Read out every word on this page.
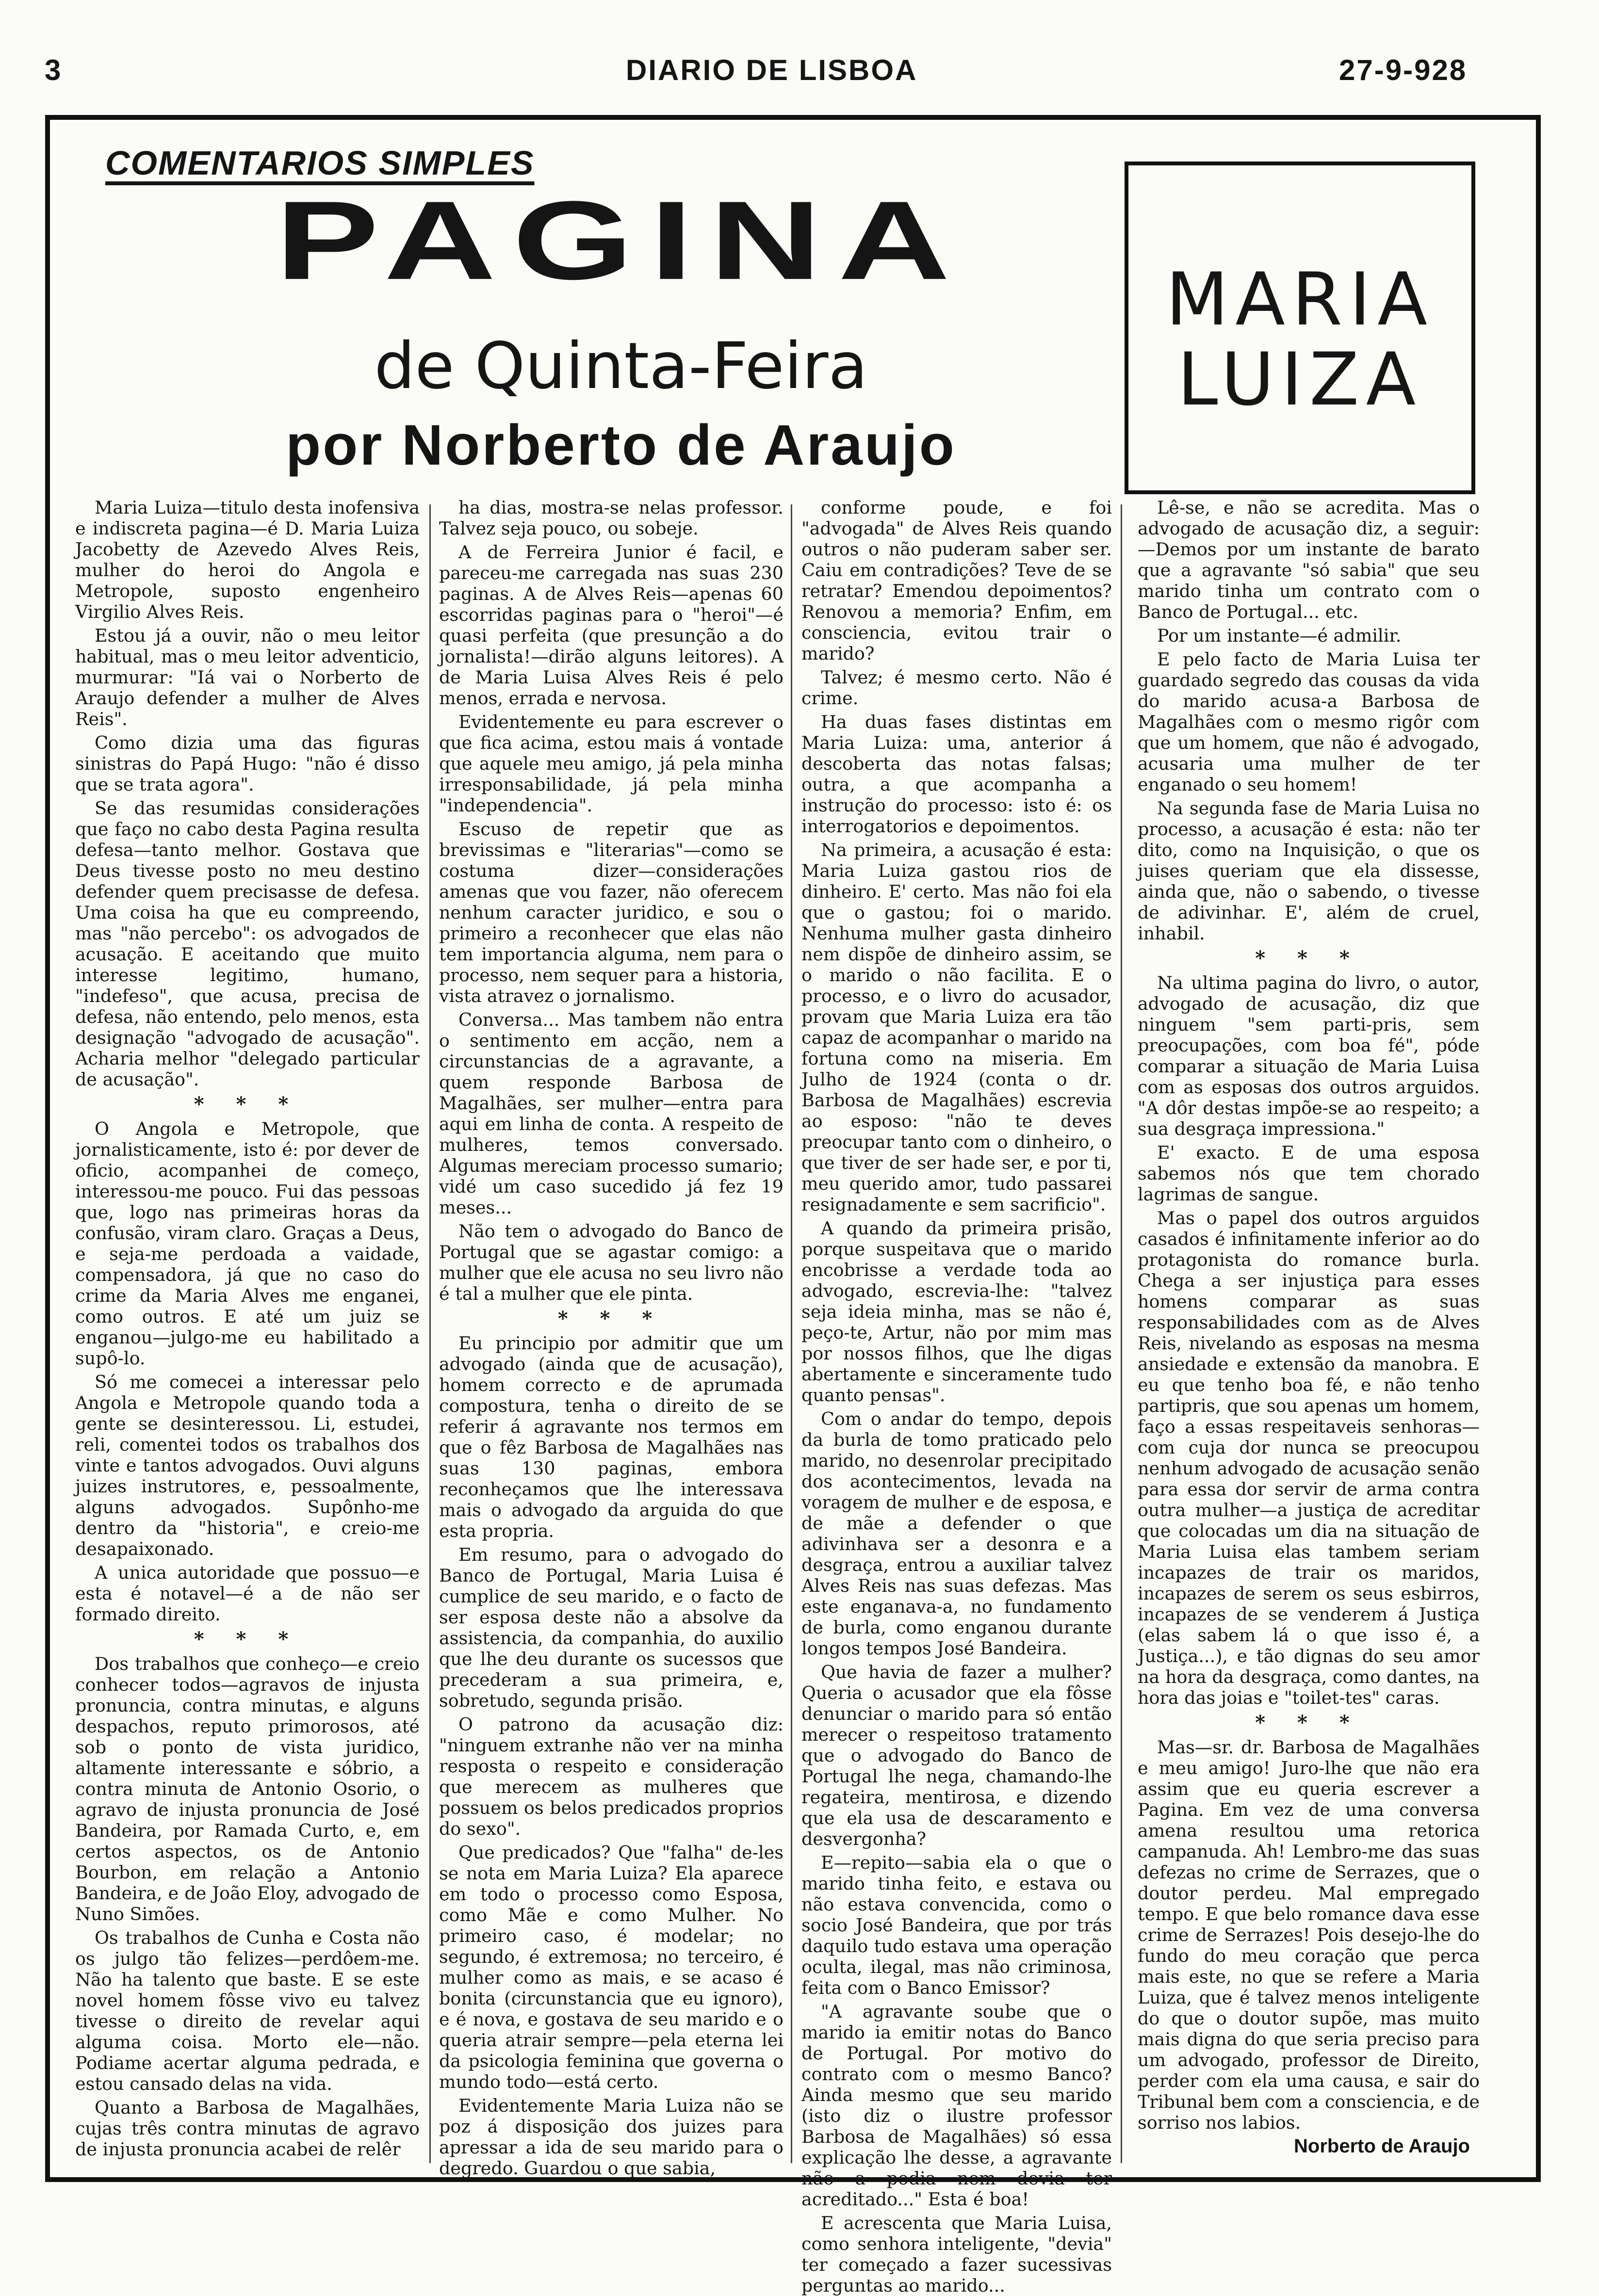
3	DIARIO DE LISBOA	27-9-928
COMENTARIOS SIMPLES
PAGINA
de Quinta-Feira
por Norberto de Araujo
MARIA
LUIZA

Maria Luiza—titulo desta inofensiva e indiscreta pagina—é D. Maria Luiza Jacobetty de Azevedo Alves Reis, mulher do heroi do Angola e Metropole, suposto engenheiro Virgilio Alves Reis.

Estou já a ouvir, não o meu leitor habitual, mas o meu leitor adventicio, murmurar: "Iá vai o Norberto de Araujo defender a mulher de Alves Reis".

Como dizia uma das figuras sinistras do Papá Hugo: "não é disso que se trata agora".

Se das resumidas considerações que faço no cabo desta Pagina resulta defesa—tanto melhor. Gostava que Deus tivesse posto no meu destino defender quem precisasse de defesa. Uma coisa ha que eu compreendo, mas "não percebo": os advogados de acusação. E aceitando que muito interesse legitimo, humano, "indefeso", que acusa, precisa de defesa, não entendo, pelo menos, esta designação "advogado de acusação". Acharia melhor "delegado particular de acusação".

* * *

O Angola e Metropole, que jornalisticamente, isto é: por dever de oficio, acompanhei de começo, interessou-me pouco. Fui das pessoas que, logo nas primeiras horas da confusão, viram claro. Graças a Deus, e seja-me perdoada a vaidade, compensadora, já que no caso do crime da Maria Alves me enganei, como outros. E até um juiz se enganou—julgo-me eu habilitado a supô-lo.

Só me comecei a interessar pelo Angola e Metropole quando toda a gente se desinteressou. Li, estudei, reli, comentei todos os trabalhos dos vinte e tantos advogados. Ouvi alguns juizes instrutores, e, pessoalmente, alguns advogados. Supônho-me dentro da "historia", e creio-me desapaixonado.

A unica autoridade que possuo—e esta é notavel—é a de não ser formado direito.

* * *

Dos trabalhos que conheço—e creio conhecer todos—agravos de injusta pronuncia, contra minutas, e alguns despachos, reputo primorosos, até sob o ponto de vista juridico, altamente interessante e sóbrio, a contra minuta de Antonio Osorio, o agravo de injusta pronuncia de José Bandeira, por Ramada Curto, e, em certos aspectos, os de Antonio Bourbon, em relação a Antonio Bandeira, e de João Eloy, advogado de Nuno Simões.

Os trabalhos de Cunha e Costa não os julgo tão felizes—perdôem-me. Não ha talento que baste. E se este novel homem fôsse vivo eu talvez tivesse o direito de revelar aqui alguma coisa. Morto ele—não. Podiame acertar alguma pedrada, e estou cansado delas na vida.

Quanto a Barbosa de Magalhães, cujas três contra minutas de agravo de injusta pronuncia acabei de relêr

ha dias, mostra-se nelas professor. Talvez seja pouco, ou sobeje.

A de Ferreira Junior é facil, e pareceu-me carregada nas suas 230 paginas. A de Alves Reis—apenas 60 escorridas paginas para o "heroi"—é quasi perfeita (que presunção a do jornalista!—dirão alguns leitores). A de Maria Luisa Alves Reis é pelo menos, errada e nervosa.

Evidentemente eu para escrever o que fica acima, estou mais á vontade que aquele meu amigo, já pela minha irresponsabilidade, já pela minha "independencia".

Escuso de repetir que as brevissimas e "literarias"—como se costuma dizer—considerações amenas que vou fazer, não oferecem nenhum caracter juridico, e sou o primeiro a reconhecer que elas não tem importancia alguma, nem para o processo, nem sequer para a historia, vista atravez o jornalismo.

Conversa... Mas tambem não entra o sentimento em acção, nem a circunstancias de a agravante, a quem responde Barbosa de Magalhães, ser mulher—entra para aqui em linha de conta. A respeito de mulheres, temos conversado. Algumas mereciam processo sumario; vidé um caso sucedido já fez 19 meses...

Não tem o advogado do Banco de Portugal que se agastar comigo: a mulher que ele acusa no seu livro não é tal a mulher que ele pinta.

* * *

Eu principio por admitir que um advogado (ainda que de acusação), homem correcto e de aprumada compostura, tenha o direito de se referir á agravante nos termos em que o fêz Barbosa de Magalhães nas suas 130 paginas, embora reconheçamos que lhe interessava mais o advogado da arguida do que esta propria.

Em resumo, para o advogado do Banco de Portugal, Maria Luisa é cumplice de seu marido, e o facto de ser esposa deste não a absolve da assistencia, da companhia, do auxilio que lhe deu durante os sucessos que precederam a sua primeira, e, sobretudo, segunda prisão.

O patrono da acusação diz: "ninguem extranhe não ver na minha resposta o respeito e consideração que merecem as mulheres que possuem os belos predicados proprios do sexo".

Que predicados? Que "falha" de-les se nota em Maria Luiza? Ela aparece em todo o processo como Esposa, como Mãe e como Mulher. No primeiro caso, é modelar; no segundo, é extremosa; no terceiro, é mulher como as mais, e se acaso é bonita (circunstancia que eu ignoro), e é nova, e gostava de seu marido e o queria atrair sempre—pela eterna lei da psicologia feminina que governa o mundo todo—está certo.

Evidentemente Maria Luiza não se poz á disposição dos juizes para apressar a ida de seu marido para o degredo. Guardou o que sabia,

conforme poude, e foi "advogada" de Alves Reis quando outros o não puderam saber ser. Caiu em contradições? Teve de se retratar? Emendou depoimentos? Renovou a memoria? Enfim, em consciencia, evitou trair o marido?

Talvez; é mesmo certo. Não é crime.

Ha duas fases distintas em Maria Luiza: uma, anterior á descoberta das notas falsas; outra, a que acompanha a instrução do processo: isto é: os interrogatorios e depoimentos.

Na primeira, a acusação é esta: Maria Luiza gastou rios de dinheiro. E' certo. Mas não foi ela que o gastou; foi o marido. Nenhuma mulher gasta dinheiro nem dispõe de dinheiro assim, se o marido o não facilita. E o processo, e o livro do acusador, provam que Maria Luiza era tão capaz de acompanhar o marido na fortuna como na miseria. Em Julho de 1924 (conta o dr. Barbosa de Magalhães) escrevia ao esposo: "não te deves preocupar tanto com o dinheiro, o que tiver de ser hade ser, e por ti, meu querido amor, tudo passarei resignadamente e sem sacrificio".

A quando da primeira prisão, porque suspeitava que o marido encobrisse a verdade toda ao advogado, escrevia-lhe: "talvez seja ideia minha, mas se não é, peço-te, Artur, não por mim mas por nossos filhos, que lhe digas abertamente e sinceramente tudo quanto pensas".

Com o andar do tempo, depois da burla de tomo praticado pelo marido, no desenrolar precipitado dos acontecimentos, levada na voragem de mulher e de esposa, e de mãe a defender o que adivinhava ser a desonra e a desgraça, entrou a auxiliar talvez Alves Reis nas suas defezas. Mas este enganava-a, no fundamento de burla, como enganou durante longos tempos José Bandeira.

Que havia de fazer a mulher? Queria o acusador que ela fôsse denunciar o marido para só então merecer o respeitoso tratamento que o advogado do Banco de Portugal lhe nega, chamando-lhe regateira, mentirosa, e dizendo que ela usa de descaramento e desvergonha?

E—repito—sabia ela o que o marido tinha feito, e estava ou não estava convencida, como o socio José Bandeira, que por trás daquilo tudo estava uma operação oculta, ilegal, mas não criminosa, feita com o Banco Emissor?

"A agravante soube que o marido ia emitir notas do Banco de Portugal. Por motivo do contrato com o mesmo Banco? Ainda mesmo que seu marido (isto diz o ilustre professor Barbosa de Magalhães) só essa explicação lhe desse, a agravante não a podia nem devia ter acreditado..." Esta é boa!

E acrescenta que Maria Luisa, como senhora inteligente, "devia" ter começado a fazer sucessivas perguntas ao marido...

Lê-se, e não se acredita. Mas o advogado de acusação diz, a seguir: —Demos por um instante de barato que a agravante "só sabia" que seu marido tinha um contrato com o Banco de Portugal... etc.

Por um instante—é admilir.

E pelo facto de Maria Luisa ter guardado segredo das cousas da vida do marido acusa-a Barbosa de Magalhães com o mesmo rigôr com que um homem, que não é advogado, acusaria uma mulher de ter enganado o seu homem!

Na segunda fase de Maria Luisa no processo, a acusação é esta: não ter dito, como na Inquisição, o que os juises queriam que ela dissesse, ainda que, não o sabendo, o tivesse de adivinhar. E', além de cruel, inhabil.

* * *

Na ultima pagina do livro, o autor, advogado de acusação, diz que ninguem "sem parti-pris, sem preocupações, com boa fé", póde comparar a situação de Maria Luisa com as esposas dos outros arguidos. "A dôr destas impõe-se ao respeito; a sua desgraça impressiona."

E' exacto. E de uma esposa sabemos nós que tem chorado lagrimas de sangue.

Mas o papel dos outros arguidos casados é infinitamente inferior ao do protagonista do romance burla. Chega a ser injustiça para esses homens comparar as suas responsabilidades com as de Alves Reis, nivelando as esposas na mesma ansiedade e extensão da manobra. E eu que tenho boa fé, e não tenho partipris, que sou apenas um homem, faço a essas respeitaveis senhoras—com cuja dor nunca se preocupou nenhum advogado de acusação senão para essa dor servir de arma contra outra mulher—a justiça de acreditar que colocadas um dia na situação de Maria Luisa elas tambem seriam incapazes de trair os maridos, incapazes de serem os seus esbirros, incapazes de se venderem á Justiça (elas sabem lá o que isso é, a Justiça...), e tão dignas do seu amor na hora da desgraça, como dantes, na hora das joias e "toilet-tes" caras.

* * *

Mas—sr. dr. Barbosa de Magalhães e meu amigo! Juro-lhe que não era assim que eu queria escrever a Pagina. Em vez de uma conversa amena resultou uma retorica campanuda. Ah! Lembro-me das suas defezas no crime de Serrazes, que o doutor perdeu. Mal empregado tempo. E que belo romance dava esse crime de Serrazes! Pois desejo-lhe do fundo do meu coração que perca mais este, no que se refere a Maria Luiza, que é talvez menos inteligente do que o doutor supõe, mas muito mais digna do que seria preciso para um advogado, professor de Direito, perder com ela uma causa, e sair do Tribunal bem com a consciencia, e de sorriso nos labios.

Norberto de Araujo
